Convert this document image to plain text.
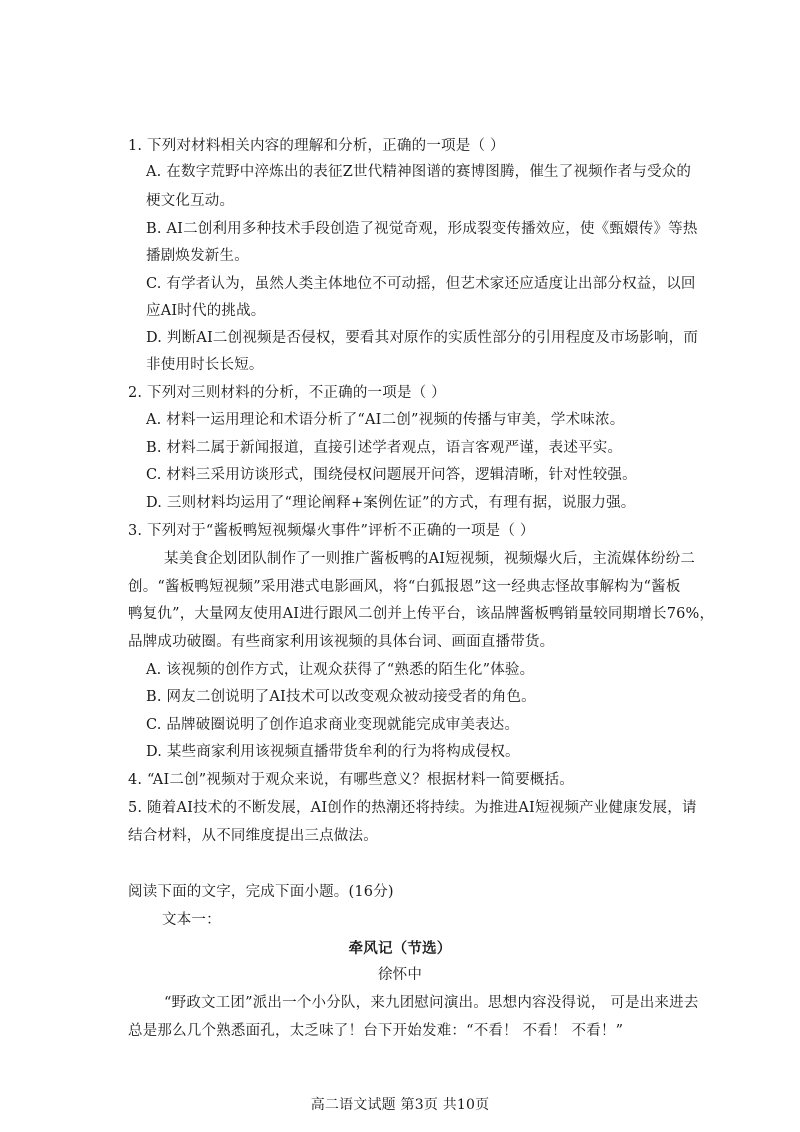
1. 下列对材料相关内容的理解和分析，正确的一项是（ ）
A. 在数字荒野中淬炼出的表征Z世代精神图谱的赛博图腾，催生了视频作者与受众的
梗文化互动。
B. AI二创利用多种技术手段创造了视觉奇观，形成裂变传播效应，使《甄嬛传》等热
播剧焕发新生。
C. 有学者认为，虽然人类主体地位不可动摇，但艺术家还应适度让出部分权益，以回
应AI时代的挑战。
D. 判断AI二创视频是否侵权，要看其对原作的实质性部分的引用程度及市场影响，而
非使用时长长短。
2. 下列对三则材料的分析，不正确的一项是（ ）
A. 材料一运用理论和术语分析了“AI二创”视频的传播与审美，学术味浓。
B. 材料二属于新闻报道，直接引述学者观点，语言客观严谨，表述平实。
C. 材料三采用访谈形式，围绕侵权问题展开问答，逻辑清晰，针对性较强。
D. 三则材料均运用了“理论阐释+案例佐证”的方式，有理有据，说服力强。
3. 下列对于“酱板鸭短视频爆火事件”评析不正确的一项是（ ）
某美食企划团队制作了一则推广酱板鸭的AI短视频，视频爆火后，主流媒体纷纷二
创。“酱板鸭短视频”采用港式电影画风，将“白狐报恩”这一经典志怪故事解构为“酱板
鸭复仇”，大量网友使用AI进行跟风二创并上传平台，该品牌酱板鸭销量较同期增长76%，
品牌成功破圈。有些商家利用该视频的具体台词、画面直播带货。
A. 该视频的创作方式，让观众获得了“熟悉的陌生化”体验。
B. 网友二创说明了AI技术可以改变观众被动接受者的角色。
C. 品牌破圈说明了创作追求商业变现就能完成审美表达。
D. 某些商家利用该视频直播带货牟利的行为将构成侵权。
4. “AI二创”视频对于观众来说，有哪些意义？根据材料一简要概括。
5. 随着AI技术的不断发展，AI创作的热潮还将持续。为推进AI短视频产业健康发展，请
结合材料，从不同维度提出三点做法。
阅读下面的文字，完成下面小题。(16分)
文本一：
牵风记（节选）
徐怀中
“野政文工团”派出一个小分队，来九团慰问演出。思想内容没得说， 可是出来进去
总是那么几个熟悉面孔，太乏味了！台下开始发难：“不看！ 不看！ 不看！”
高二语文试题 第3页 共10页
